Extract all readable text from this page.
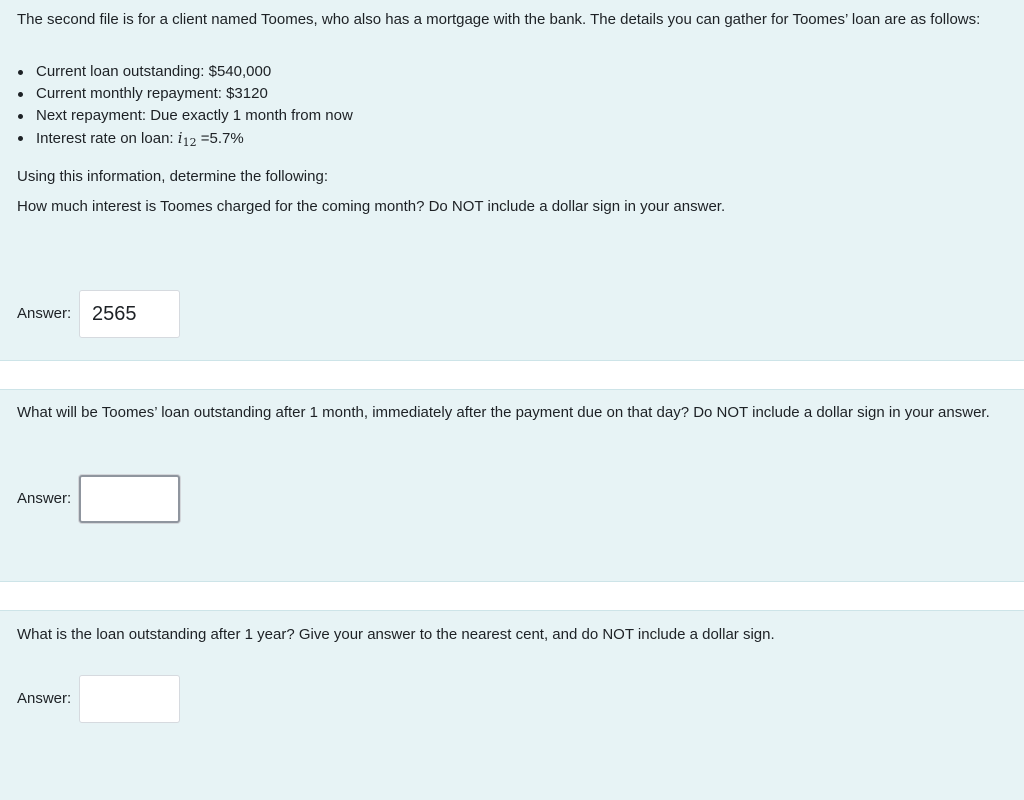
The second file is for a client named Toomes, who also has a mortgage with the bank. The details you can gather for Toomes’ loan are as follows:

Current loan outstanding: $540,000
Current monthly repayment: $3120
Next repayment: Due exactly 1 month from now
Interest rate on loan: $i_{12} =5.7\%$

Using this information, determine the following:

How much interest is Toomes charged for the coming month? Do NOT include a dollar sign in your answer.

Answer:	2565

What will be Toomes’ loan outstanding after 1 month, immediately after the payment due on that day? Do NOT include a dollar sign in your answer.

Answer:

What is the loan outstanding after 1 year? Give your answer to the nearest cent, and do NOT include a dollar sign.

Answer:
